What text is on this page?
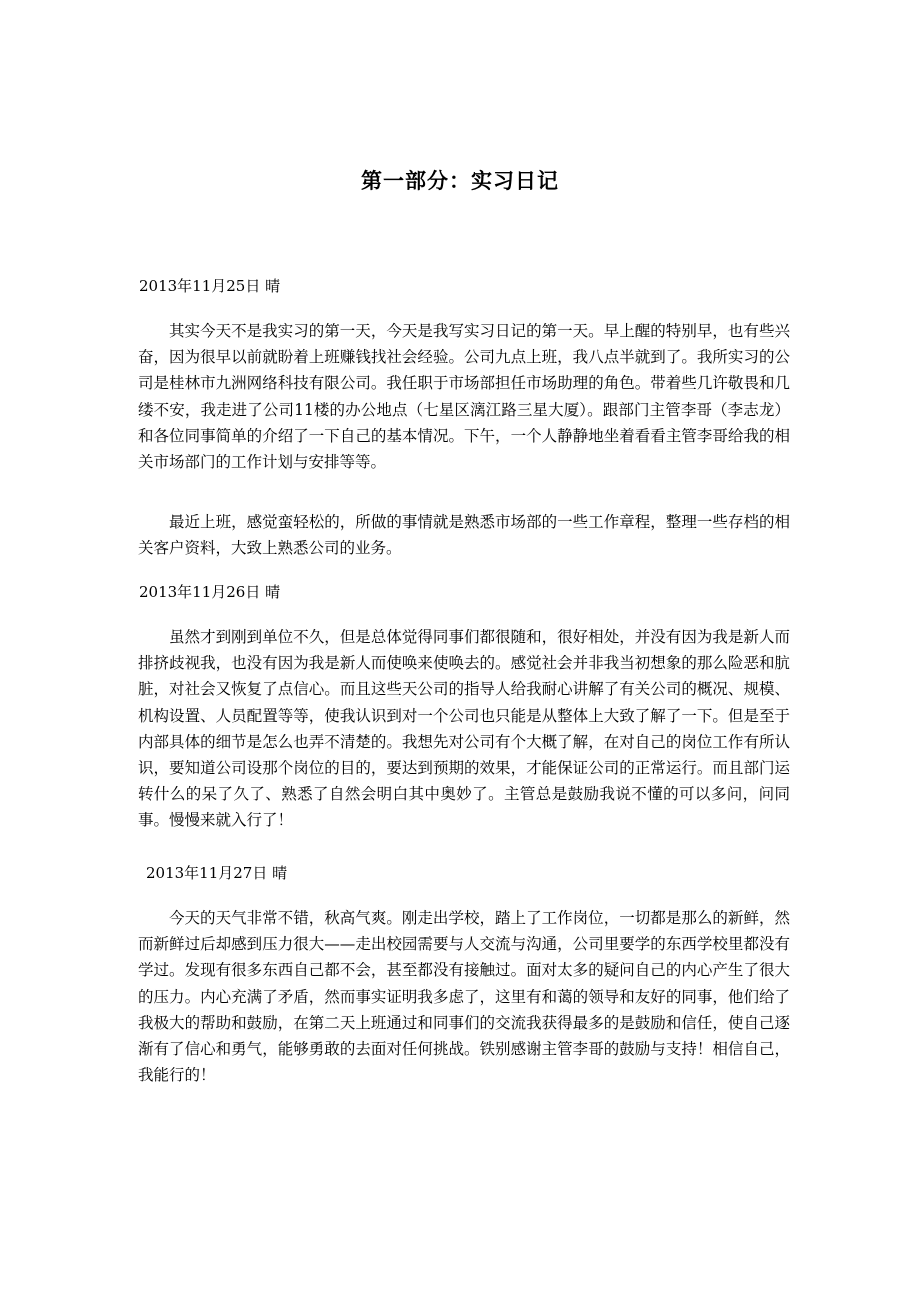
第一部分：实习日记
2013年11月25日 晴

其实今天不是我实习的第一天，今天是我写实习日记的第一天。早上醒的特别早，也有些兴奋，因为很早以前就盼着上班赚钱找社会经验。公司九点上班，我八点半就到了。我所实习的公司是桂林市九洲网络科技有限公司。我任职于市场部担任市场助理的角色。带着些几许敬畏和几缕不安，我走进了公司11楼的办公地点（七星区漓江路三星大厦）。跟部门主管李哥（李志龙）和各位同事简单的介绍了一下自己的基本情况。下午，一个人静静地坐着看看主管李哥给我的相关市场部门的工作计划与安排等等。

最近上班，感觉蛮轻松的，所做的事情就是熟悉市场部的一些工作章程，整理一些存档的相关客户资料，大致上熟悉公司的业务。

2013年11月26日 晴

虽然才到刚到单位不久，但是总体觉得同事们都很随和，很好相处，并没有因为我是新人而排挤歧视我，也没有因为我是新人而使唤来使唤去的。感觉社会并非我当初想象的那么险恶和肮脏，对社会又恢复了点信心。而且这些天公司的指导人给我耐心讲解了有关公司的概况、规模、机构设置、人员配置等等，使我认识到对一个公司也只能是从整体上大致了解了一下。但是至于内部具体的细节是怎么也弄不清楚的。我想先对公司有个大概了解，在对自己的岗位工作有所认识，要知道公司设那个岗位的目的，要达到预期的效果，才能保证公司的正常运行。而且部门运转什么的呆了久了、熟悉了自然会明白其中奥妙了。主管总是鼓励我说不懂的可以多问，问同事。慢慢来就入行了！

2013年11月27日 晴

今天的天气非常不错，秋高气爽。刚走出学校，踏上了工作岗位，一切都是那么的新鲜，然而新鲜过后却感到压力很大——走出校园需要与人交流与沟通，公司里要学的东西学校里都没有学过。发现有很多东西自己都不会，甚至都没有接触过。面对太多的疑问自己的内心产生了很大的压力。内心充满了矛盾，然而事实证明我多虑了，这里有和蔼的领导和友好的同事，他们给了我极大的帮助和鼓励，在第二天上班通过和同事们的交流我获得最多的是鼓励和信任，使自己逐渐有了信心和勇气，能够勇敢的去面对任何挑战。铁别感谢主管李哥的鼓励与支持！相信自己，我能行的！
